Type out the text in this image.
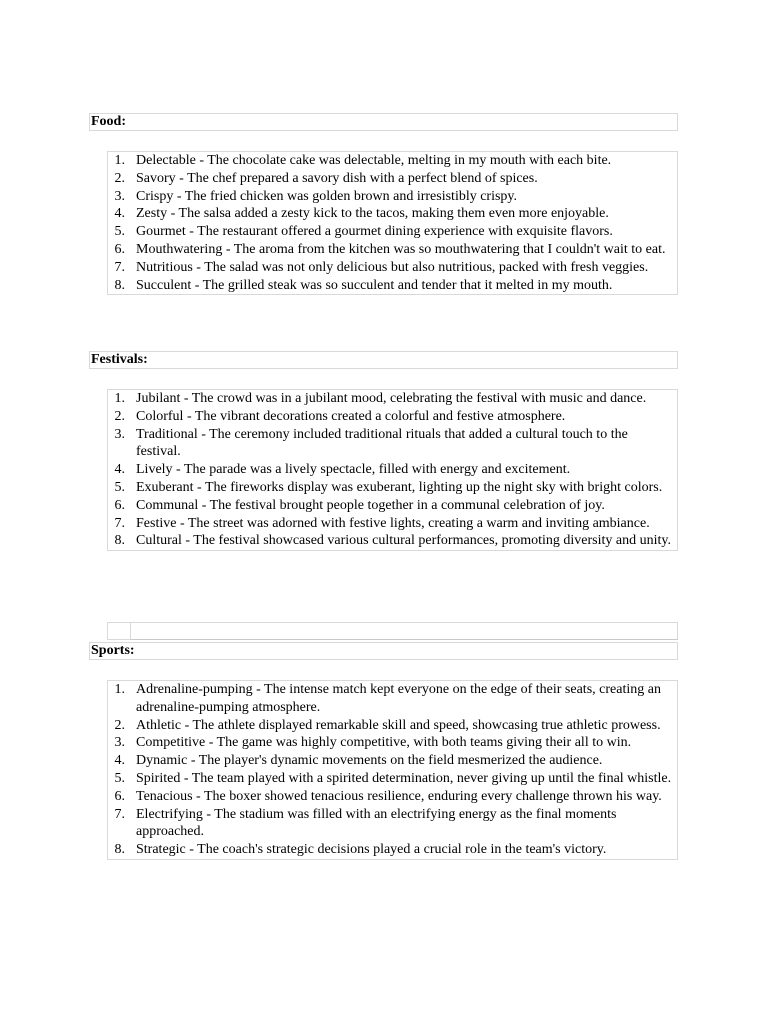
Food:
1. Delectable - The chocolate cake was delectable, melting in my mouth with each bite.
2. Savory - The chef prepared a savory dish with a perfect blend of spices.
3. Crispy - The fried chicken was golden brown and irresistibly crispy.
4. Zesty - The salsa added a zesty kick to the tacos, making them even more enjoyable.
5. Gourmet - The restaurant offered a gourmet dining experience with exquisite flavors.
6. Mouthwatering - The aroma from the kitchen was so mouthwatering that I couldn't wait to eat.
7. Nutritious - The salad was not only delicious but also nutritious, packed with fresh veggies.
8. Succulent - The grilled steak was so succulent and tender that it melted in my mouth.
Festivals:
1. Jubilant - The crowd was in a jubilant mood, celebrating the festival with music and dance.
2. Colorful - The vibrant decorations created a colorful and festive atmosphere.
3. Traditional - The ceremony included traditional rituals that added a cultural touch to the festival.
4. Lively - The parade was a lively spectacle, filled with energy and excitement.
5. Exuberant - The fireworks display was exuberant, lighting up the night sky with bright colors.
6. Communal - The festival brought people together in a communal celebration of joy.
7. Festive - The street was adorned with festive lights, creating a warm and inviting ambiance.
8. Cultural - The festival showcased various cultural performances, promoting diversity and unity.
Sports:
1. Adrenaline-pumping - The intense match kept everyone on the edge of their seats, creating an adrenaline-pumping atmosphere.
2. Athletic - The athlete displayed remarkable skill and speed, showcasing true athletic prowess.
3. Competitive - The game was highly competitive, with both teams giving their all to win.
4. Dynamic - The player's dynamic movements on the field mesmerized the audience.
5. Spirited - The team played with a spirited determination, never giving up until the final whistle.
6. Tenacious - The boxer showed tenacious resilience, enduring every challenge thrown his way.
7. Electrifying - The stadium was filled with an electrifying energy as the final moments approached.
8. Strategic - The coach's strategic decisions played a crucial role in the team's victory.
